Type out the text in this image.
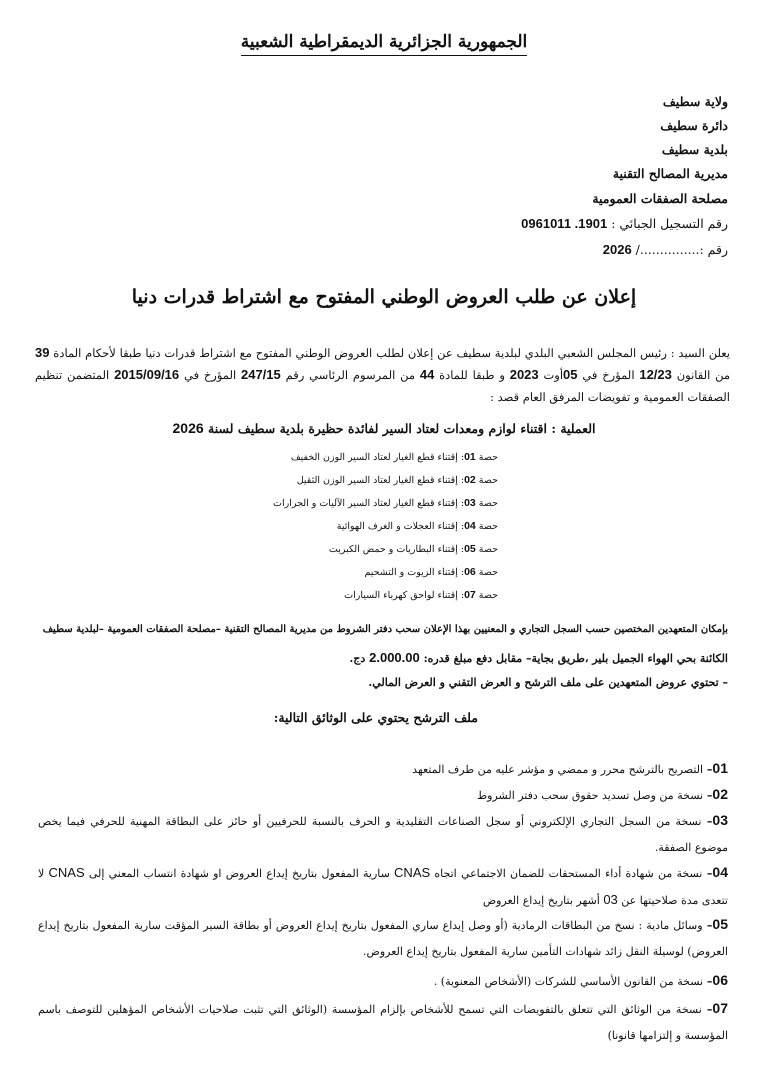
الجمهورية الجزائرية الديمقراطية الشعبية
ولاية سطيف
دائرة سطيف
بلدية سطيف
مديرية المصالح التقنية
مصلحة الصفقات العمومية
رقم التسجيل الجبائي : 0961011 .1901
رقم :.............../ 2026
إعلان عن طلب العروض الوطني المفتوح مع اشتراط قدرات دنيا
يعلن السيد : رئيس المجلس الشعبي البلدي لبلدية سطيف عن إعلان لطلب العروض الوطني المفتوح مع اشتراط قدرات دنيا طبقا لأحكام المادة 39 من القانون 12/23 المؤرخ في 05أوت 2023 و طبقا للمادة 44 من المرسوم الرئاسي رقم 247/15 المؤرخ في 2015/09/16 المتضمن تنظيم الصفقات العمومية و تفويضات المرفق العام قصد :
العملية : اقتناء لوازم ومعدات لعتاد السير لفائدة حظيرة بلدية سطيف لسنة 2026
حصة 01: إقتناء قطع الغيار لعتاد السير الوزن الخفيف
حصة 02: إقتناء قطع الغيار لعتاد السير الوزن الثقيل
حصة 03: إقتناء قطع الغيار لعتاد السير الآليات و الجرارات
حصة 04: إقتناء العجلات و الغرف الهوائية
حصة 05: إقتناء البطاريات و حمض الكبريت
حصة 06: إقتناء الزيوت و التشحيم
حصة 07: إقتناء لواحق كهرباء السيارات
بإمكان المتعهدين المختصين حسب السجل التجاري و المعنيين بهذا الإعلان سحب دفتر الشروط من مديرية المصالح التقنية –مصلحة الصفقات العمومية –لبلدية سطيف
الكائنة بحي الهواء الجميل بلير ،طريق بجاية– مقابل دفع مبلغ قدره: 2.000.00 دج.
– تحتوي عروض المتعهدين على ملف الترشح و العرض التقني و العرض المالي.
ملف الترشح يحتوي على الوثائق التالية:
01– التصريح بالترشح محرر و ممضي و مؤشر عليه من طرف المتعهد
02– نسخة من وصل تسديد حقوق سحب دفتر الشروط
03– نسخة من السجل التجاري الإلكتروني أو سجل الصناعات التقليدية و الحرف بالنسبة للحرفيين أو حائز على البطاقة المهنية للحرفي فيما يخص موضوع الصفقة.
04– نسخة من شهادة أداء المستحقات للضمان الاجتماعي اتجاه CNAS سارية المفعول بتاريخ إيداع العروض او شهادة انتساب المعني إلى CNAS لا تتعدى مدة صلاحيتها عن 03 أشهر بتاريخ إيداع العروض
05– وسائل مادية : نسخ من البطاقات الرمادية (أو وصل إيداع ساري المفعول بتاريخ إيداع العروض أو بطاقة السير المؤقت سارية المفعول بتاريخ إيداع العروض) لوسيلة النقل زائد شهادات التأمين سارية المفعول بتاريخ إيداع العروض.
06– نسخة من القانون الأساسي للشركات (الأشخاص المعنوية) .
07– نسخة من الوثائق التي تتعلق بالتفويضات التي تسمح للأشخاص بإلزام المؤسسة (الوثائق التي تثبت صلاحيات الأشخاص المؤهلين للتوصف باسم المؤسسة و إلتزامها قانونا)
